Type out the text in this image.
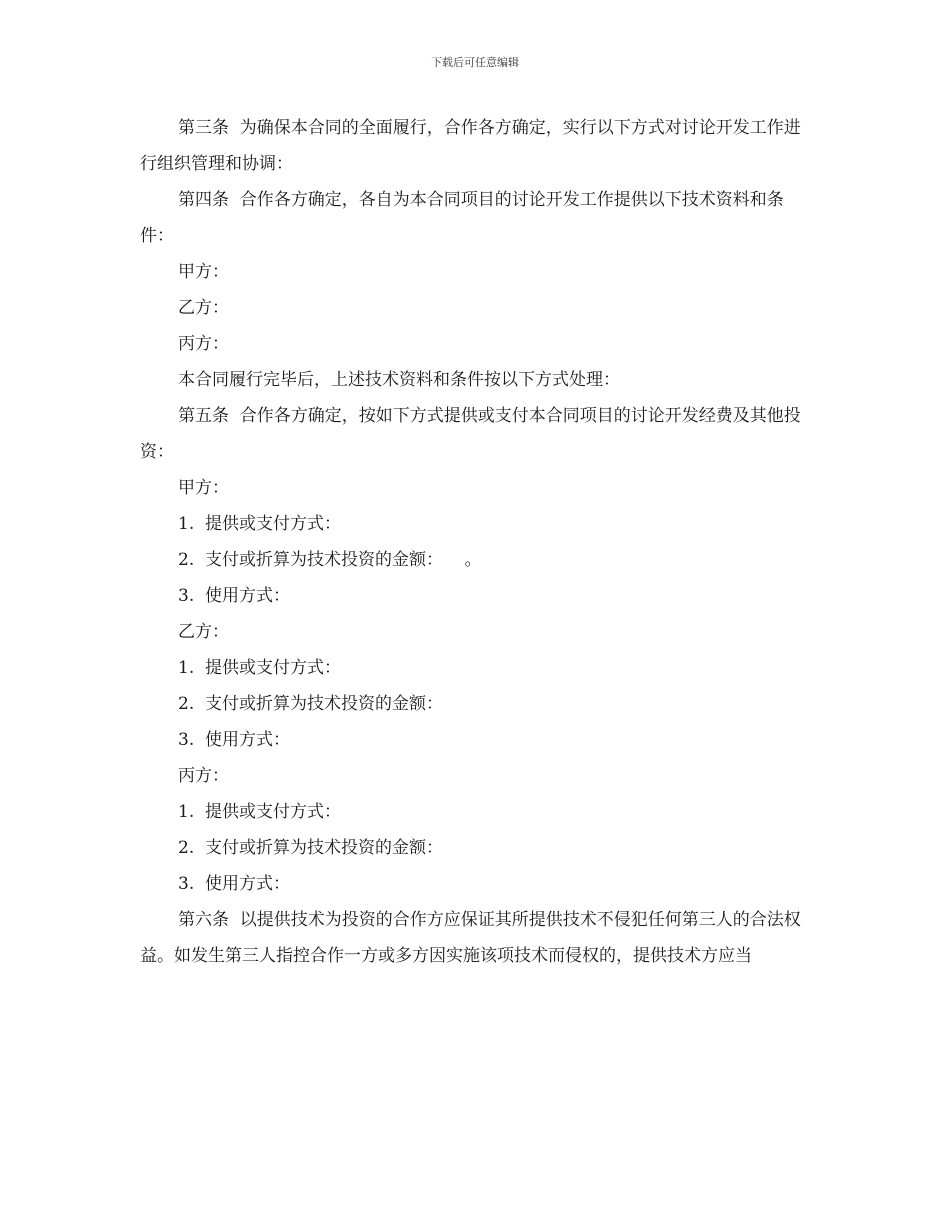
下载后可任意编辑

第三条  为确保本合同的全面履行，合作各方确定，实行以下方式对讨论开发工作进行组织管理和协调：

第四条  合作各方确定，各自为本合同项目的讨论开发工作提供以下技术资料和条件：

甲方：

乙方：

丙方：

本合同履行完毕后，上述技术资料和条件按以下方式处理：

第五条  合作各方确定，按如下方式提供或支付本合同项目的讨论开发经费及其他投资：

甲方：

1.  提供或支付方式：

2.  支付或折算为技术投资的金额：    。

3.  使用方式：

乙方：

1.  提供或支付方式：

2.  支付或折算为技术投资的金额：

3.  使用方式：

丙方：

1.  提供或支付方式：

2.  支付或折算为技术投资的金额：

3.  使用方式：

第六条  以提供技术为投资的合作方应保证其所提供技术不侵犯任何第三人的合法权益。如发生第三人指控合作一方或多方因实施该项技术而侵权的，提供技术方应当
